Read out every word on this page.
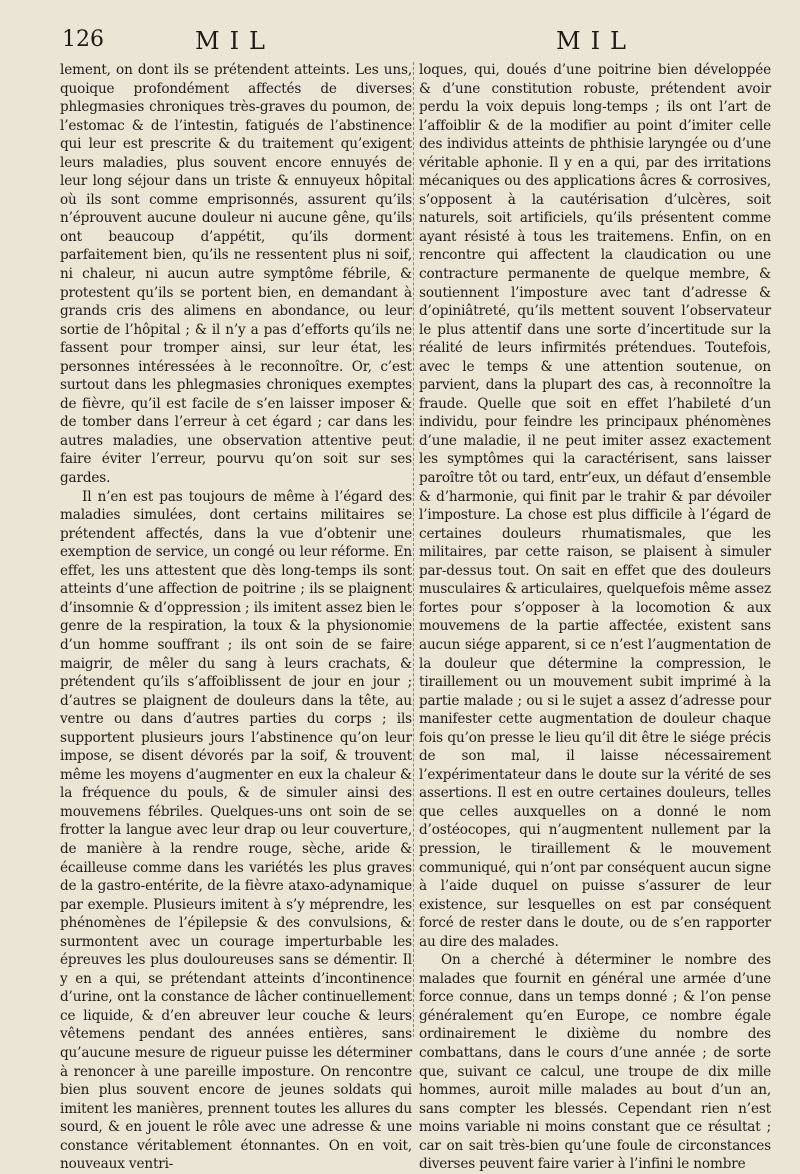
126	MIL	MIL

lement, on dont ils se prétendent atteints. Les uns, quoique profondément affectés de diverses phlegmasies chroniques très-graves du poumon, de l’estomac & de l’intestin, fatigués de l’abstinence qui leur est prescrite & du traitement qu’exigent leurs maladies, plus souvent encore ennuyés de leur long séjour dans un triste & ennuyeux hôpital où ils sont comme emprisonnés, assurent qu’ils n’éprouvent aucune douleur ni aucune gêne, qu’ils ont beaucoup d’appétit, qu’ils dorment parfaitement bien, qu’ils ne ressentent plus ni soif, ni chaleur, ni aucun autre symptôme fébrile, & protestent qu’ils se portent bien, en demandant à grands cris des alimens en abondance, ou leur sortie de l’hôpital ; & il n’y a pas d’efforts qu’ils ne fassent pour tromper ainsi, sur leur état, les personnes intéressées à le reconnoître. Or, c’est surtout dans les phlegmasies chroniques exemptes de fièvre, qu’il est facile de s’en laisser imposer & de tomber dans l’erreur à cet égard ; car dans les autres maladies, une observation attentive peut faire éviter l’erreur, pourvu qu’on soit sur ses gardes.

Il n’en est pas toujours de même à l’égard des maladies simulées, dont certains militaires se prétendent affectés, dans la vue d’obtenir une exemption de service, un congé ou leur réforme. En effet, les uns attestent que dès long-temps ils sont atteints d’une affection de poitrine ; ils se plaignent d’insomnie & d’oppression ; ils imitent assez bien le genre de la respiration, la toux & la physionomie d’un homme souffrant ; ils ont soin de se faire maigrir, de mêler du sang à leurs crachats, & prétendent qu’ils s’affoiblissent de jour en jour ; d’autres se plaignent de douleurs dans la tête, au ventre ou dans d’autres parties du corps ; ils supportent plusieurs jours l’abstinence qu’on leur impose, se disent dévorés par la soif, & trouvent même les moyens d’augmenter en eux la chaleur & la fréquence du pouls, & de simuler ainsi des mouvemens fébriles. Quelques-uns ont soin de se frotter la langue avec leur drap ou leur couverture, de manière à la rendre rouge, sèche, aride & écailleuse comme dans les variétés les plus graves de la gastro-entérite, de la fièvre ataxo-adynamique par exemple. Plusieurs imitent à s’y méprendre, les phénomènes de l’épilepsie & des convulsions, & surmontent avec un courage imperturbable les épreuves les plus douloureuses sans se démentir. Il y en a qui, se prétendant atteints d’incontinence d’urine, ont la constance de lâcher continuellement ce liquide, & d’en abreuver leur couche & leurs vêtemens pendant des années entières, sans qu’aucune mesure de rigueur puisse les déterminer à renoncer à une pareille imposture. On rencontre bien plus souvent encore de jeunes soldats qui imitent les manières, prennent toutes les allures du sourd, & en jouent le rôle avec une adresse & une constance véritablement étonnantes. On en voit, nouveaux ventri-

loques, qui, doués d’une poitrine bien développée & d’une constitution robuste, prétendent avoir perdu la voix depuis long-temps ; ils ont l’art de l’affoiblir & de la modifier au point d’imiter celle des individus atteints de phthisie laryngée ou d’une véritable aphonie. Il y en a qui, par des irritations mécaniques ou des applications âcres & corrosives, s’opposent à la cautérisation d’ulcères, soit naturels, soit artificiels, qu’ils présentent comme ayant résisté à tous les traitemens. Enfin, on en rencontre qui affectent la claudication ou une contracture permanente de quelque membre, & soutiennent l’imposture avec tant d’adresse & d’opiniâtreté, qu’ils mettent souvent l’observateur le plus attentif dans une sorte d’incertitude sur la réalité de leurs infirmités prétendues. Toutefois, avec le temps & une attention soutenue, on parvient, dans la plupart des cas, à reconnoître la fraude. Quelle que soit en effet l’habileté d’un individu, pour feindre les principaux phénomènes d’une maladie, il ne peut imiter assez exactement les symptômes qui la caractérisent, sans laisser paroître tôt ou tard, entr’eux, un défaut d’ensemble & d’harmonie, qui finit par le trahir & par dévoiler l’imposture. La chose est plus difficile à l’égard de certaines douleurs rhumatismales, que les militaires, par cette raison, se plaisent à simuler par-dessus tout. On sait en effet que des douleurs musculaires & articulaires, quelquefois même assez fortes pour s’opposer à la locomotion & aux mouvemens de la partie affectée, existent sans aucun siége apparent, si ce n’est l’augmentation de la douleur que détermine la compression, le tiraillement ou un mouvement subit imprimé à la partie malade ; ou si le sujet a assez d’adresse pour manifester cette augmentation de douleur chaque fois qu’on presse le lieu qu’il dit être le siége précis de son mal, il laisse nécessairement l’expérimentateur dans le doute sur la vérité de ses assertions. Il est en outre certaines douleurs, telles que celles auxquelles on a donné le nom d’ostéocopes, qui n’augmentent nullement par la pression, le tiraillement & le mouvement communiqué, qui n’ont par conséquent aucun signe à l’aide duquel on puisse s’assurer de leur existence, sur lesquelles on est par conséquent forcé de rester dans le doute, ou de s’en rapporter au dire des malades.

On a cherché à déterminer le nombre des malades que fournit en général une armée d’une force connue, dans un temps donné ; & l’on pense généralement qu’en Europe, ce nombre égale ordinairement le dixième du nombre des combattans, dans le cours d’une année ; de sorte que, suivant ce calcul, une troupe de dix mille hommes, auroit mille malades au bout d’un an, sans compter les blessés. Cependant rien n’est moins variable ni moins constant que ce résultat ; car on sait très-bien qu’une foule de circonstances diverses peuvent faire varier à l’infini le nombre
